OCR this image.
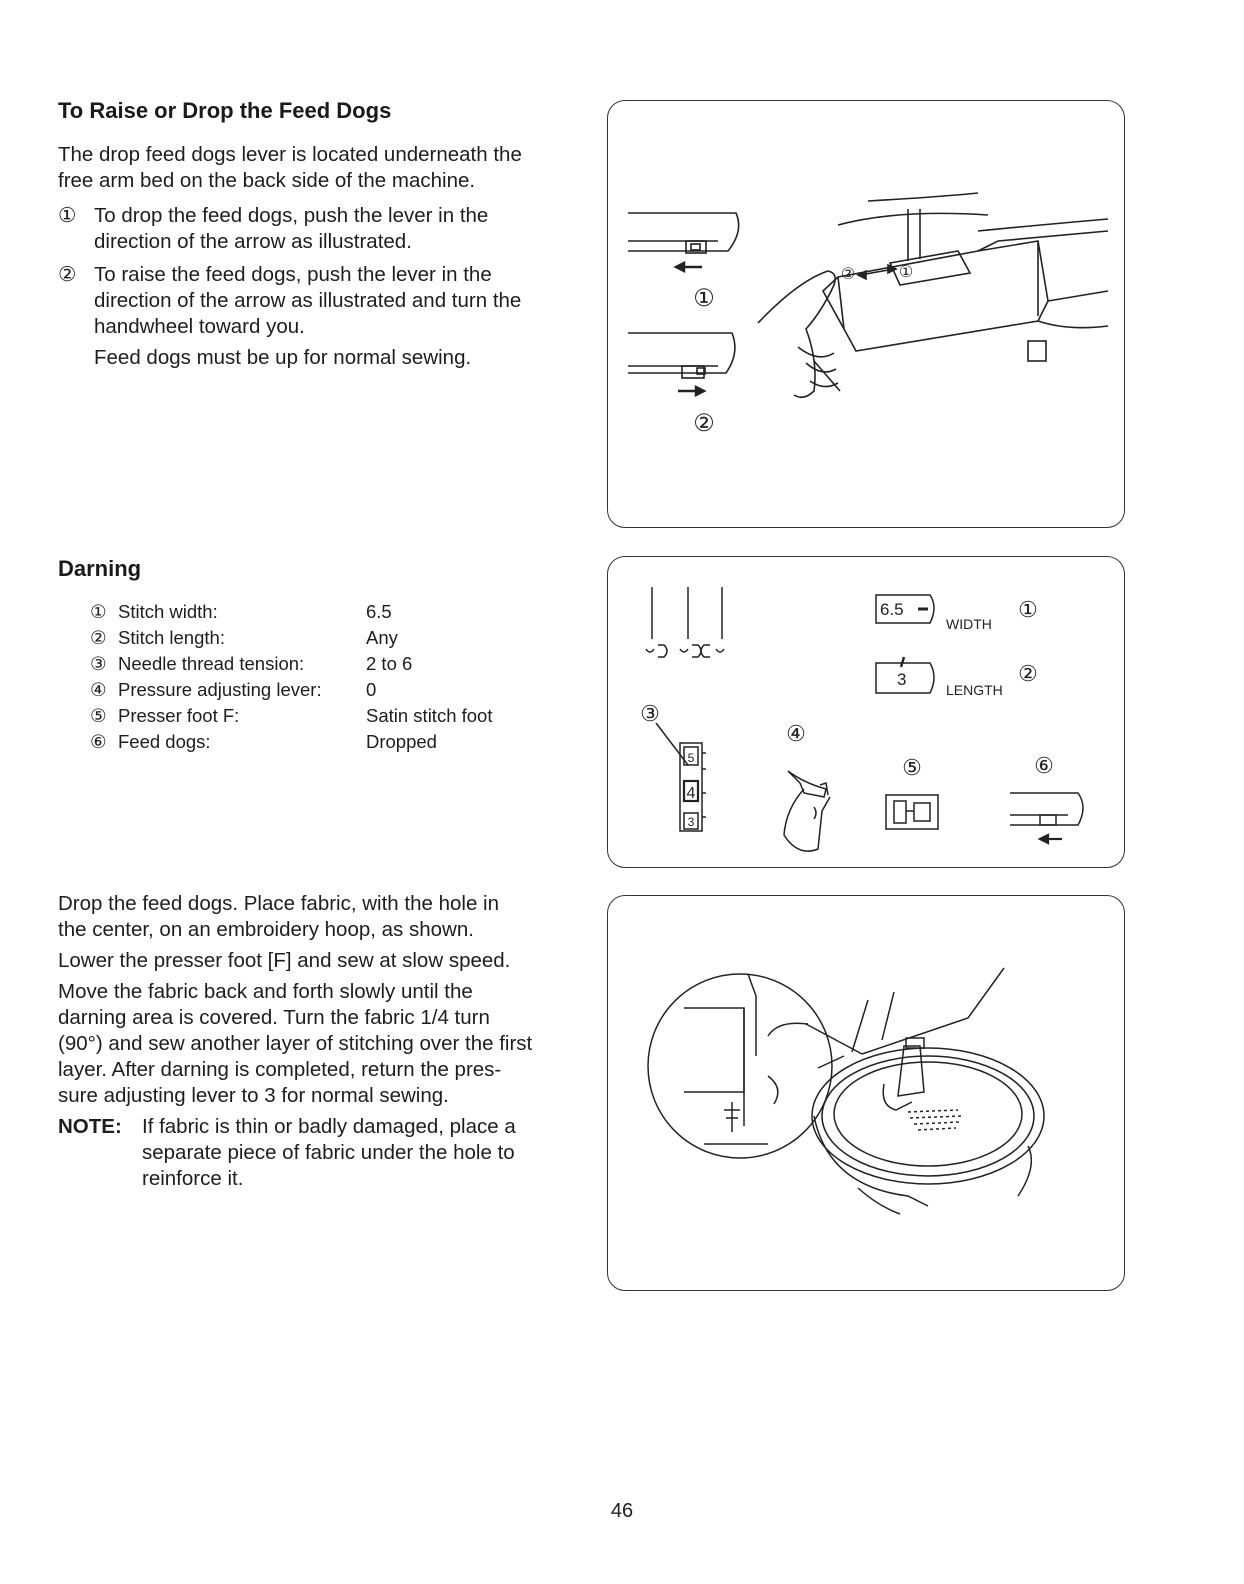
To Raise or Drop the Feed Dogs

The drop feed dogs lever is located underneath the

free arm bed on the back side of the machine.

① To drop the feed dogs, push the lever in the

direction of the arrow as illustrated.

② To raise the feed dogs, push the lever in the

direction of the arrow as illustrated and turn the

handwheel toward you.

Feed dogs must be up for normal sewing.

①
②
②	①
Darning
① Stitch width:	6.5
② Stitch length:	Any
③ Needle thread tension:	2 to 6
④ Pressure adjusting lever:	0
⑤ Presser foot F:	Satin stitch foot
⑥ Feed dogs:	Dropped
6.5
WIDTH
3
LENGTH
①
②
③
④
⑤	⑥
5
4
3

Drop the feed dogs. Place fabric, with the hole in

the center, on an embroidery hoop, as shown.

Lower the presser foot [F] and sew at slow speed.

Move the fabric back and forth slowly until the

darning area is covered. Turn the fabric 1/4 turn

(90°) and sew another layer of stitching over the first

layer. After darning is completed, return the pres-

sure adjusting lever to 3 for normal sewing.

NOTE: If fabric is thin or badly damaged, place a

separate piece of fabric under the hole to

reinforce it.

46
